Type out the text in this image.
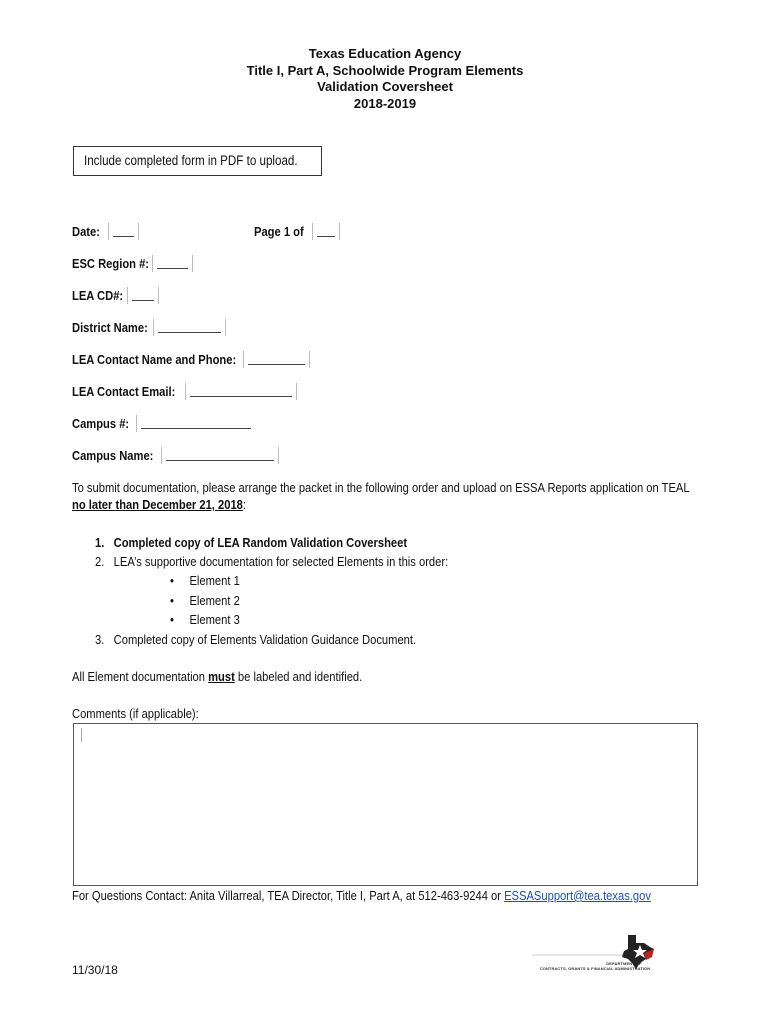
Texas Education Agency
Title I, Part A, Schoolwide Program Elements
Validation Coversheet
2018-2019
Include completed form in PDF to upload.
Date:	Page 1 of
ESC Region #:
LEA CD#:
District Name:
LEA Contact Name and Phone:
LEA Contact Email:
Campus #:
Campus Name:
To submit documentation, please arrange the packet in the following order and upload on ESSA Reports application on TEAL
no later than December 21, 2018:
1. Completed copy of LEA Random Validation Coversheet
2. LEA’s supportive documentation for selected Elements in this order:
• Element 1
• Element 2
• Element 3
3. Completed copy of Elements Validation Guidance Document.
All Element documentation must be labeled and identified.
Comments (if applicable):
For Questions Contact: Anita Villarreal, TEA Director, Title I, Part A, at 512-463-9244 or ESSASupport@tea.texas.gov
11/30/18	DEPARTMENT OF
CONTRACTS, GRANTS & FINANCIAL ADMINISTRATION
